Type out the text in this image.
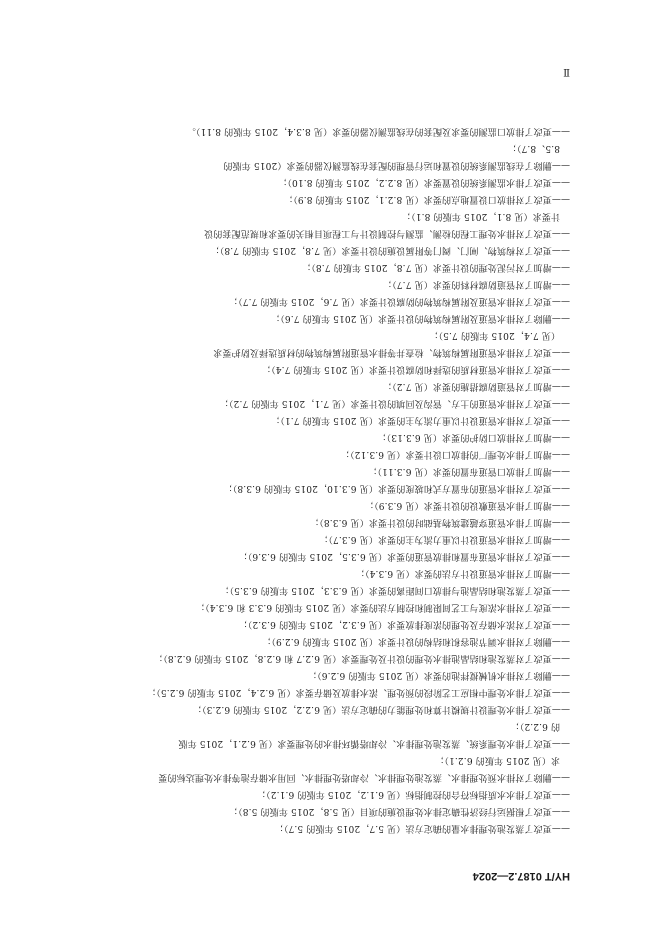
HY/T 0187.2—2024
——更改了蒸发池处理排水量的确定方法（见 5.7，2015 年版的 5.7）；
——更改了根据运行经济性确定排水处理设施的项目（见 5.8，2015 年版的 5.8）；
——更改了排水水质指标符合的控制指标（见 6.1.2，2015 年版的 6.1.2）；
——删除了对排水预处理排水、蒸发池处理排水、冷却塔处理排水、回用水储存池等排水处理达标的要
求（见 2015 年版的 6.2.1）；
——更改了排水处理系统、蒸发池处理排水、冷却塔循环排水的处理要求（见 6.2.1，2015 年版
的 6.2.2）；
——更改了排水处理设计规模计算和处理能力的确定方法（见 6.2.2，2015 年版的 6.2.3）；
——更改了排水处理中相应工艺阶段的预处理、浓水排放及储存要求（见 6.2.4，2015 年版的 6.2.5）；
——删除了对排水机械搅拌池的要求（见 2015 年版的 6.2.6）；
——更改了对蒸发池和结晶池排水处理的设计及处理要求（见 6.2.7 和 6.2.8，2015 年版的 6.2.8）；
——删除了对排水调节池容积和结构的设计要求（见 2015 年版的 6.2.9）；
——更改了对浓水储存及处理的浓度排放要求（见 6.3.2，2015 年版的 6.3.2）；
——更改了对排水浓度与工艺间限制和控制方法的要求（见 2015 年版的 6.3.3 和 6.3.4）；
——更改了蒸发池和结晶池与排放口间距离的要求（见 6.3.3，2015 年版的 6.3.5）；
——增加了对排水管道设计方法的要求（见 6.3.4）；
——更改了对排水管道布置和排放管道的要求（见 6.3.5，2015 年版的 6.3.6）；
——增加了对排水管道设计以重力流为主的要求（见 6.3.7）；
——增加了排水管道穿越建筑物基础时的设计要求（见 6.3.8）；
——增加了排水管道敷设的设计要求（见 6.3.9）；
——更改了对排水管道的布置方式和坡度的要求（见 6.3.10，2015 年版的 6.3.8）；
——增加了排放口管道布置的要求（见 6.3.11）；
——增加了排水处理厂的排放口设计要求（见 6.3.12）；
——增加了对排放口防护的要求（见 6.3.13）；
——更改了对排水管道设计以重力流为主的要求（见 2015 年版的 7.1）；
——更改了对排水管道的土方、管沟及回填的设计要求（见 7.1，2015 年版的 7.2）；
——增加了对管道防腐措施的要求（见 7.2）；
——更改了对排水管道材质的选择和防腐设计要求（见 2015 年版的 7.4）；
——更改了对排水管道附属构筑物、检查井等排水管道附属构筑物的材质选择及防护要求
（见 7.4，2015 年版的 7.5）；
——删除了对排水管道及附属构筑物的设计要求（见 2015 年版的 7.6）；
——更改了对排水管道及附属构筑物的防腐设计要求（见 7.6，2015 年版的 7.7）；
——增加了对管道防腐材料的要求（见 7.7）；
——增加了对污泥处理的设计要求（见 7.8，2015 年版的 7.8）；
——更改了对构筑物、闸门、阀门等附属设施的设计要求（见 7.8，2015 年版的 7.8）；
——更改了对排水处理工程的检测、监测与控制设计与工程项目相关的要求和规范配套的设
计要求（见 8.1，2015 年版的 8.1）；
——更改了对排放口设置地点的要求（见 8.2.1，2015 年版的 8.9）；
——更改了排水监测系统的设置要求（见 8.2.2，2015 年版的 8.10）；
——删除了在线监测系统的设置和运行管理的配套在线监测仪器的要求（2015 年版的
8.5、8.7）；
——更改了排放口监测的要求及配套的在线监测仪器的要求（见 8.3.4，2015 年版的 8.11）。
Ⅱ
